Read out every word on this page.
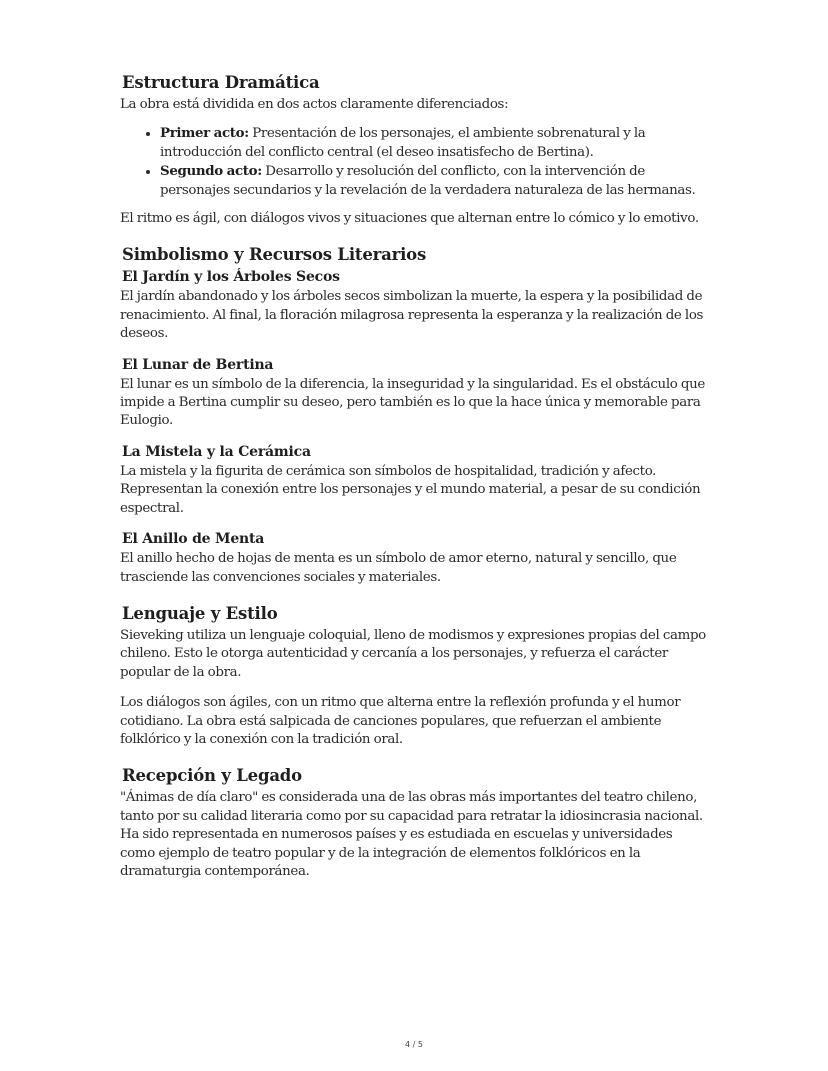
Estructura Dramática

La obra está dividida en dos actos claramente diferenciados:

• Primer acto: Presentación de los personajes, el ambiente sobrenatural y la introducción del conflicto central (el deseo insatisfecho de Bertina).
• Segundo acto: Desarrollo y resolución del conflicto, con la intervención de personajes secundarios y la revelación de la verdadera naturaleza de las hermanas.

El ritmo es ágil, con diálogos vivos y situaciones que alternan entre lo cómico y lo emotivo.

Simbolismo y Recursos Literarios
El Jardín y los Árboles Secos

El jardín abandonado y los árboles secos simbolizan la muerte, la espera y la posibilidad de renacimiento. Al final, la floración milagrosa representa la esperanza y la realización de los deseos.

El Lunar de Bertina

El lunar es un símbolo de la diferencia, la inseguridad y la singularidad. Es el obstáculo que impide a Bertina cumplir su deseo, pero también es lo que la hace única y memorable para Eulogio.

La Mistela y la Cerámica

La mistela y la figurita de cerámica son símbolos de hospitalidad, tradición y afecto. Representan la conexión entre los personajes y el mundo material, a pesar de su condición espectral.

El Anillo de Menta

El anillo hecho de hojas de menta es un símbolo de amor eterno, natural y sencillo, que trasciende las convenciones sociales y materiales.

Lenguaje y Estilo

Sieveking utiliza un lenguaje coloquial, lleno de modismos y expresiones propias del campo chileno. Esto le otorga autenticidad y cercanía a los personajes, y refuerza el carácter popular de la obra.

Los diálogos son ágiles, con un ritmo que alterna entre la reflexión profunda y el humor cotidiano. La obra está salpicada de canciones populares, que refuerzan el ambiente folklórico y la conexión con la tradición oral.

Recepción y Legado

"Ánimas de día claro" es considerada una de las obras más importantes del teatro chileno, tanto por su calidad literaria como por su capacidad para retratar la idiosincrasia nacional. Ha sido representada en numerosos países y es estudiada en escuelas y universidades como ejemplo de teatro popular y de la integración de elementos folklóricos en la dramaturgia contemporánea.

4 / 5
